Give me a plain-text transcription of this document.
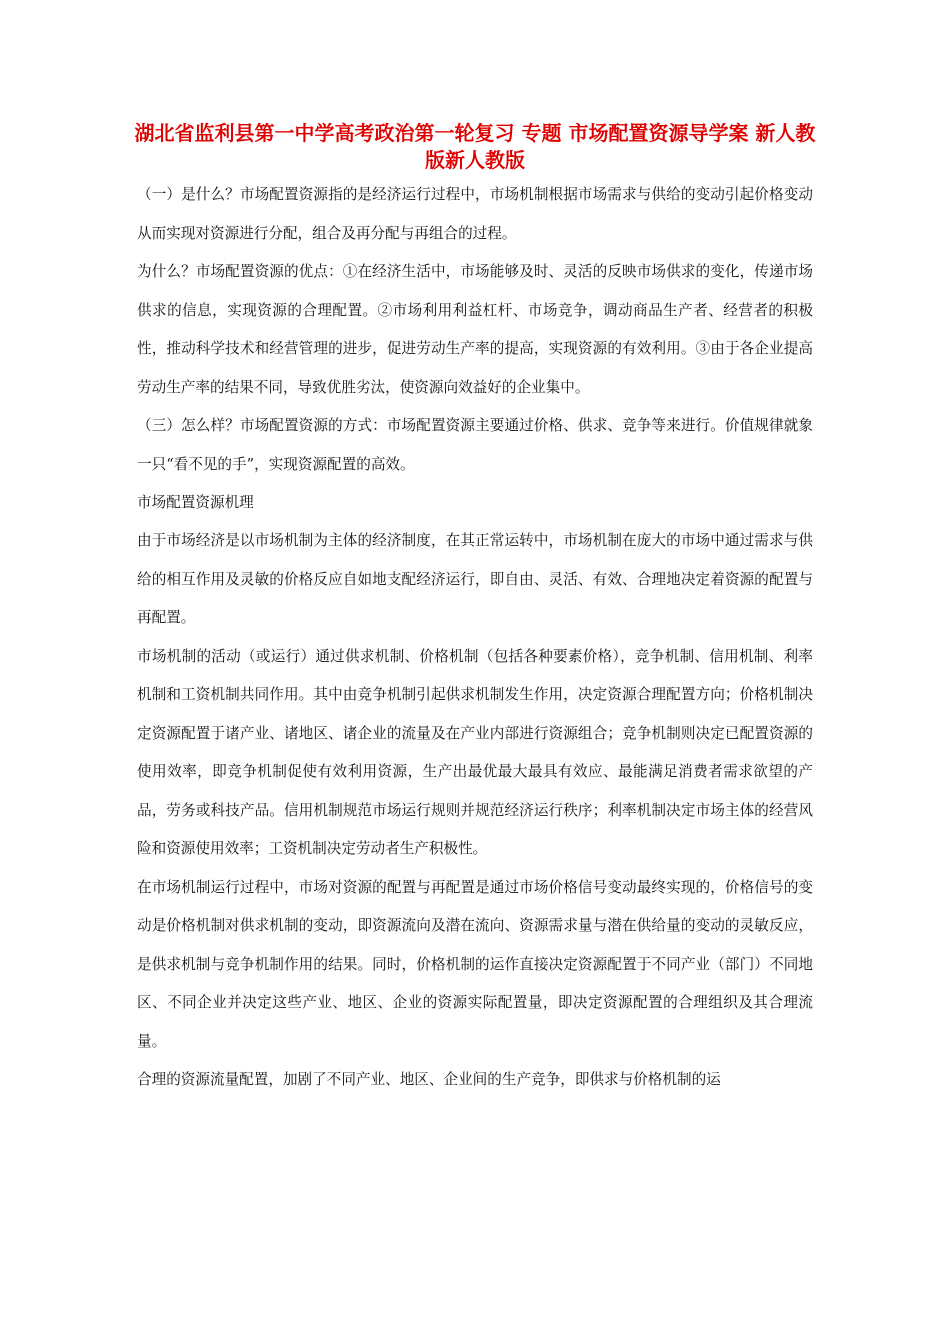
湖北省监利县第一中学高考政治第一轮复习 专题 市场配置资源导学案 新人教版新人教版

（一）是什么？市场配置资源指的是经济运行过程中，市场机制根据市场需求与供给的变动引起价格变动从而实现对资源进行分配，组合及再分配与再组合的过程。

为什么？市场配置资源的优点：①在经济生活中，市场能够及时、灵活的反映市场供求的变化，传递市场供求的信息，实现资源的合理配置。②市场利用利益杠杆、市场竞争，调动商品生产者、经营者的积极性，推动科学技术和经营管理的进步，促进劳动生产率的提高，实现资源的有效利用。③由于各企业提高劳动生产率的结果不同，导致优胜劣汰，使资源向效益好的企业集中。

（三）怎么样？市场配置资源的方式：市场配置资源主要通过价格、供求、竞争等来进行。价值规律就象一只“看不见的手”，实现资源配置的高效。

市场配置资源机理

由于市场经济是以市场机制为主体的经济制度，在其正常运转中，市场机制在庞大的市场中通过需求与供给的相互作用及灵敏的价格反应自如地支配经济运行，即自由、灵活、有效、合理地决定着资源的配置与再配置。

市场机制的活动（或运行）通过供求机制、价格机制（包括各种要素价格），竞争机制、信用机制、利率机制和工资机制共同作用。其中由竞争机制引起供求机制发生作用，决定资源合理配置方向；价格机制决定资源配置于诸产业、诸地区、诸企业的流量及在产业内部进行资源组合；竞争机制则决定已配置资源的使用效率，即竞争机制促使有效利用资源，生产出最优最大最具有效应、最能满足消费者需求欲望的产品，劳务或科技产品。信用机制规范市场运行规则并规范经济运行秩序；利率机制决定市场主体的经营风险和资源使用效率；工资机制决定劳动者生产积极性。

在市场机制运行过程中，市场对资源的配置与再配置是通过市场价格信号变动最终实现的，价格信号的变动是价格机制对供求机制的变动，即资源流向及潜在流向、资源需求量与潜在供给量的变动的灵敏反应，是供求机制与竞争机制作用的结果。同时，价格机制的运作直接决定资源配置于不同产业（部门）不同地区、不同企业并决定这些产业、地区、企业的资源实际配置量，即决定资源配置的合理组织及其合理流量。

合理的资源流量配置，加剧了不同产业、地区、企业间的生产竞争，即供求与价格机制的运
